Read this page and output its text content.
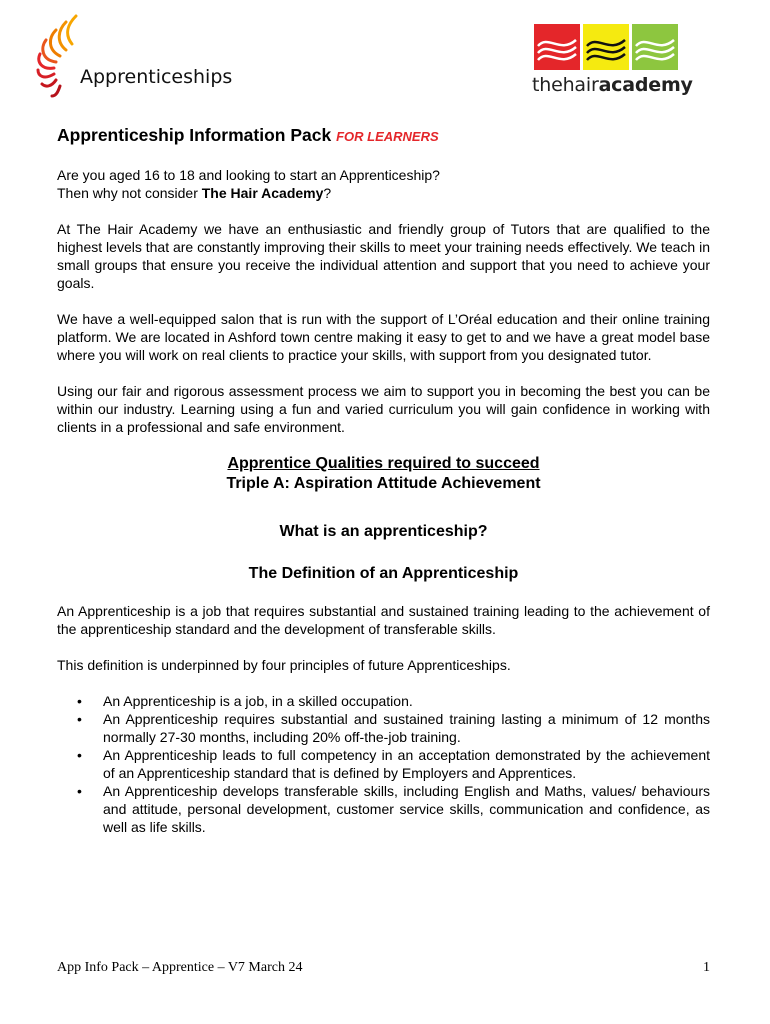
Apprenticeships	thehairacademy
Apprenticeship Information Pack FOR LEARNERS

Are you aged 16 to 18 and looking to start an Apprenticeship?
Then why not consider The Hair Academy?

At The Hair Academy we have an enthusiastic and friendly group of Tutors that are qualified to the highest levels that are constantly improving their skills to meet your training needs effectively. We teach in small groups that ensure you receive the individual attention and support that you need to achieve your goals.

We have a well-equipped salon that is run with the support of L’Oréal education and their online training platform. We are located in Ashford town centre making it easy to get to and we have a great model base where you will work on real clients to practice your skills, with support from you designated tutor.

Using our fair and rigorous assessment process we aim to support you in becoming the best you can be within our industry. Learning using a fun and varied curriculum you will gain confidence in working with clients in a professional and safe environment.

Apprentice Qualities required to succeed
Triple A: Aspiration Attitude Achievement
What is an apprenticeship?
The Definition of an Apprenticeship

An Apprenticeship is a job that requires substantial and sustained training leading to the achievement of the apprenticeship standard and the development of transferable skills.

This definition is underpinned by four principles of future Apprenticeships.

• An Apprenticeship is a job, in a skilled occupation.
• An Apprenticeship requires substantial and sustained training lasting a minimum of 12 months normally 27-30 months, including 20% off-the-job training.
• An Apprenticeship leads to full competency in an acceptation demonstrated by the achievement of an Apprenticeship standard that is defined by Employers and Apprentices.
• An Apprenticeship develops transferable skills, including English and Maths, values/ behaviours and attitude, personal development, customer service skills, communication and confidence, as well as life skills.
App Info Pack – Apprentice – V7 March 24	1
